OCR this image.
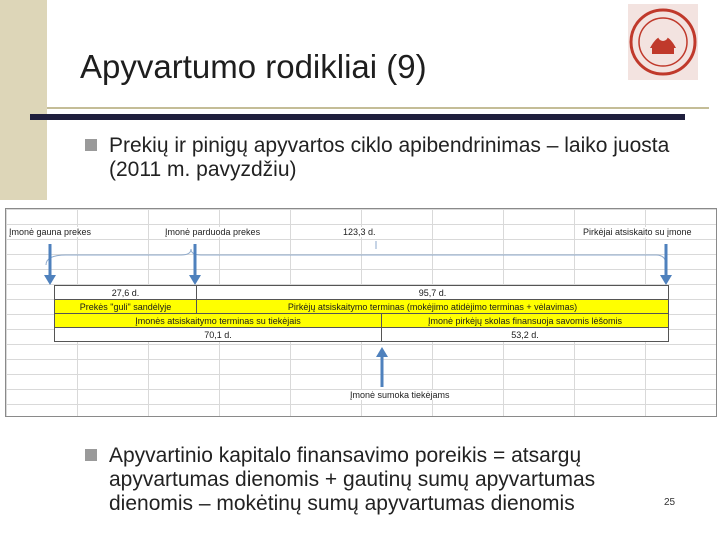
Apyvartumo rodikliai (9)
Prekių ir pinigų apyvartos ciklo apibendrinimas – laiko juosta (2011 m. pavyzdžiu)
Įmonė gauna prekes	Įmonė parduoda prekes	123,3 d.	Pirkėjai atsiskaito su įmone
27,6 d.	95,7 d.
Prekės "guli" sandėlyje	Pirkėjų atsiskaitymo terminas (mokėjimo atidėjimo terminas + vėlavimas)
Įmonės atsiskaitymo terminas su tiekėjais	Įmonė pirkėjų skolas finansuoja savomis lėšomis
70,1 d.	53,2 d.
Įmonė sumoka tiekėjams
Apyvartinio kapitalo finansavimo poreikis = atsargų apyvartumas dienomis + gautinų sumų apyvartumas dienomis – mokėtinų sumų apyvartumas dienomis	25
